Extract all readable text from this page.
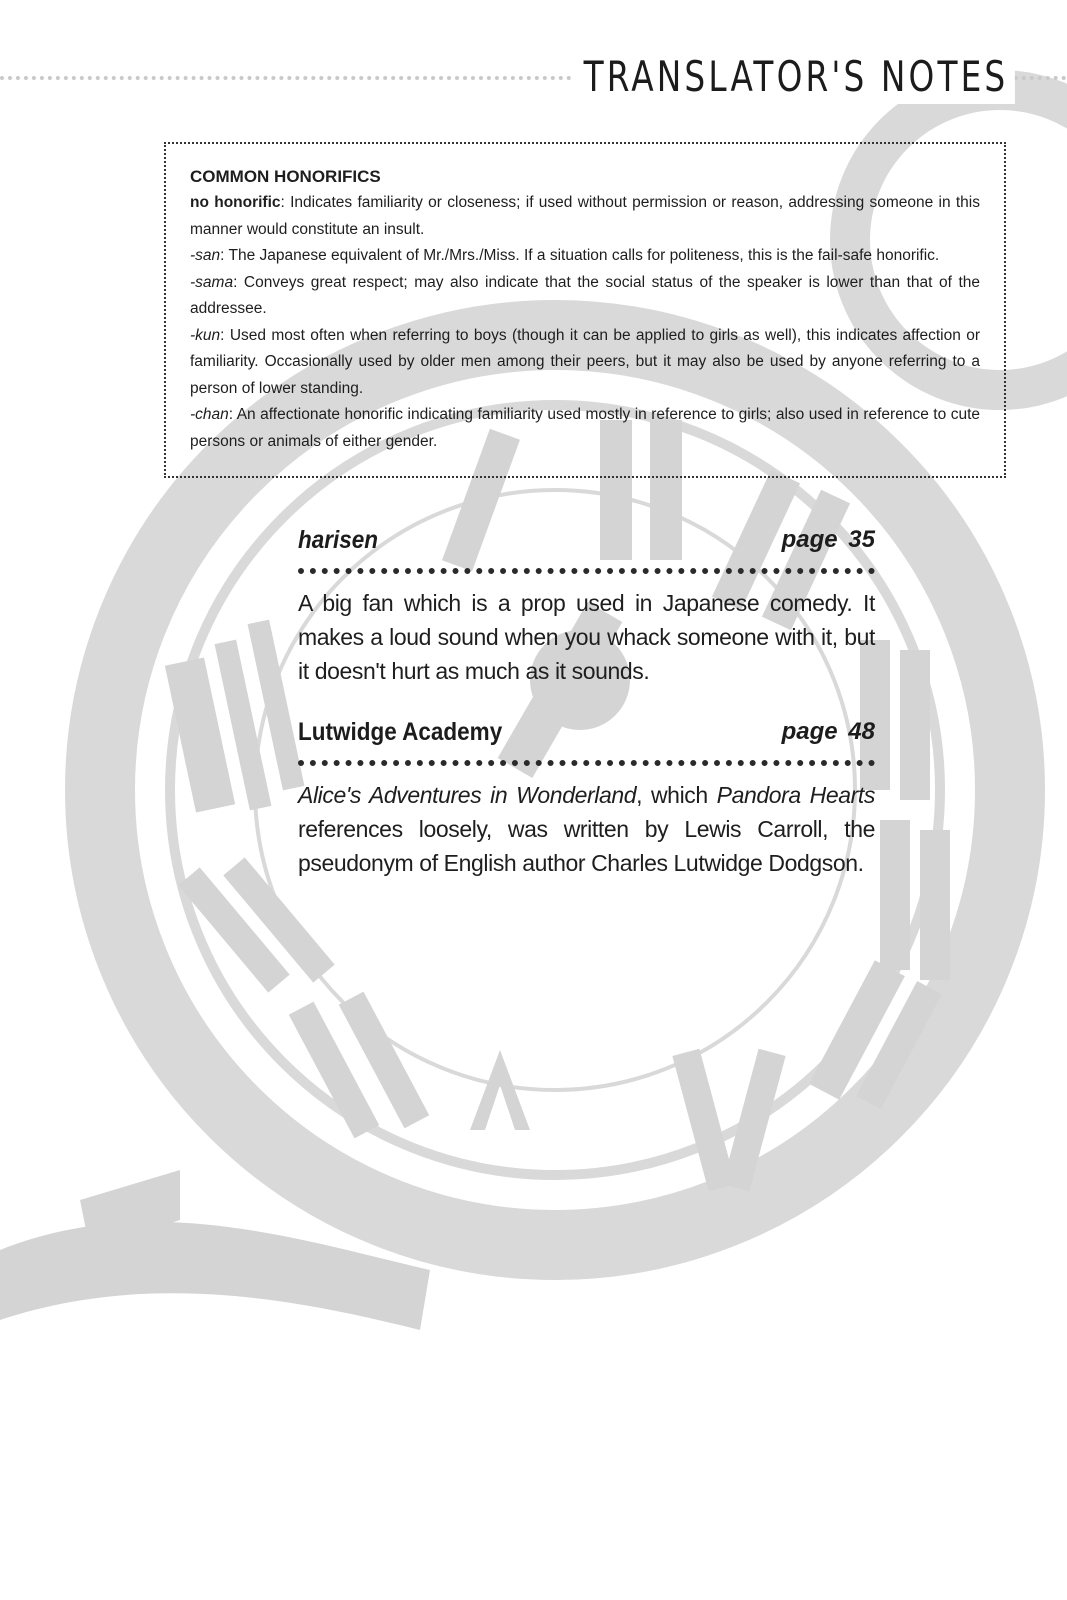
TRANSLATOR'S NOTES
COMMON HONORIFICS

no honorific: Indicates familiarity or closeness; if used without permission or reason, addressing someone in this manner would constitute an insult.

-san: The Japanese equivalent of Mr./Mrs./Miss. If a situation calls for politeness, this is the fail-safe honorific.

-sama: Conveys great respect; may also indicate that the social status of the speaker is lower than that of the addressee.

-kun: Used most often when referring to boys (though it can be applied to girls as well), this indicates affection or familiarity. Occasionally used by older men among their peers, but it may also be used by anyone referring to a person of lower standing.

-chan: An affectionate honorific indicating familiarity used mostly in reference to girls; also used in reference to cute persons or animals of either gender.

harisen	page 35

A big fan which is a prop used in Japanese comedy. It makes a loud sound when you whack someone with it, but it doesn't hurt as much as it sounds.

Lutwidge Academy	page 48

Alice's Adventures in Wonderland, which Pandora Hearts references loosely, was written by Lewis Carroll, the pseudonym of English author Charles Lutwidge Dodgson.
